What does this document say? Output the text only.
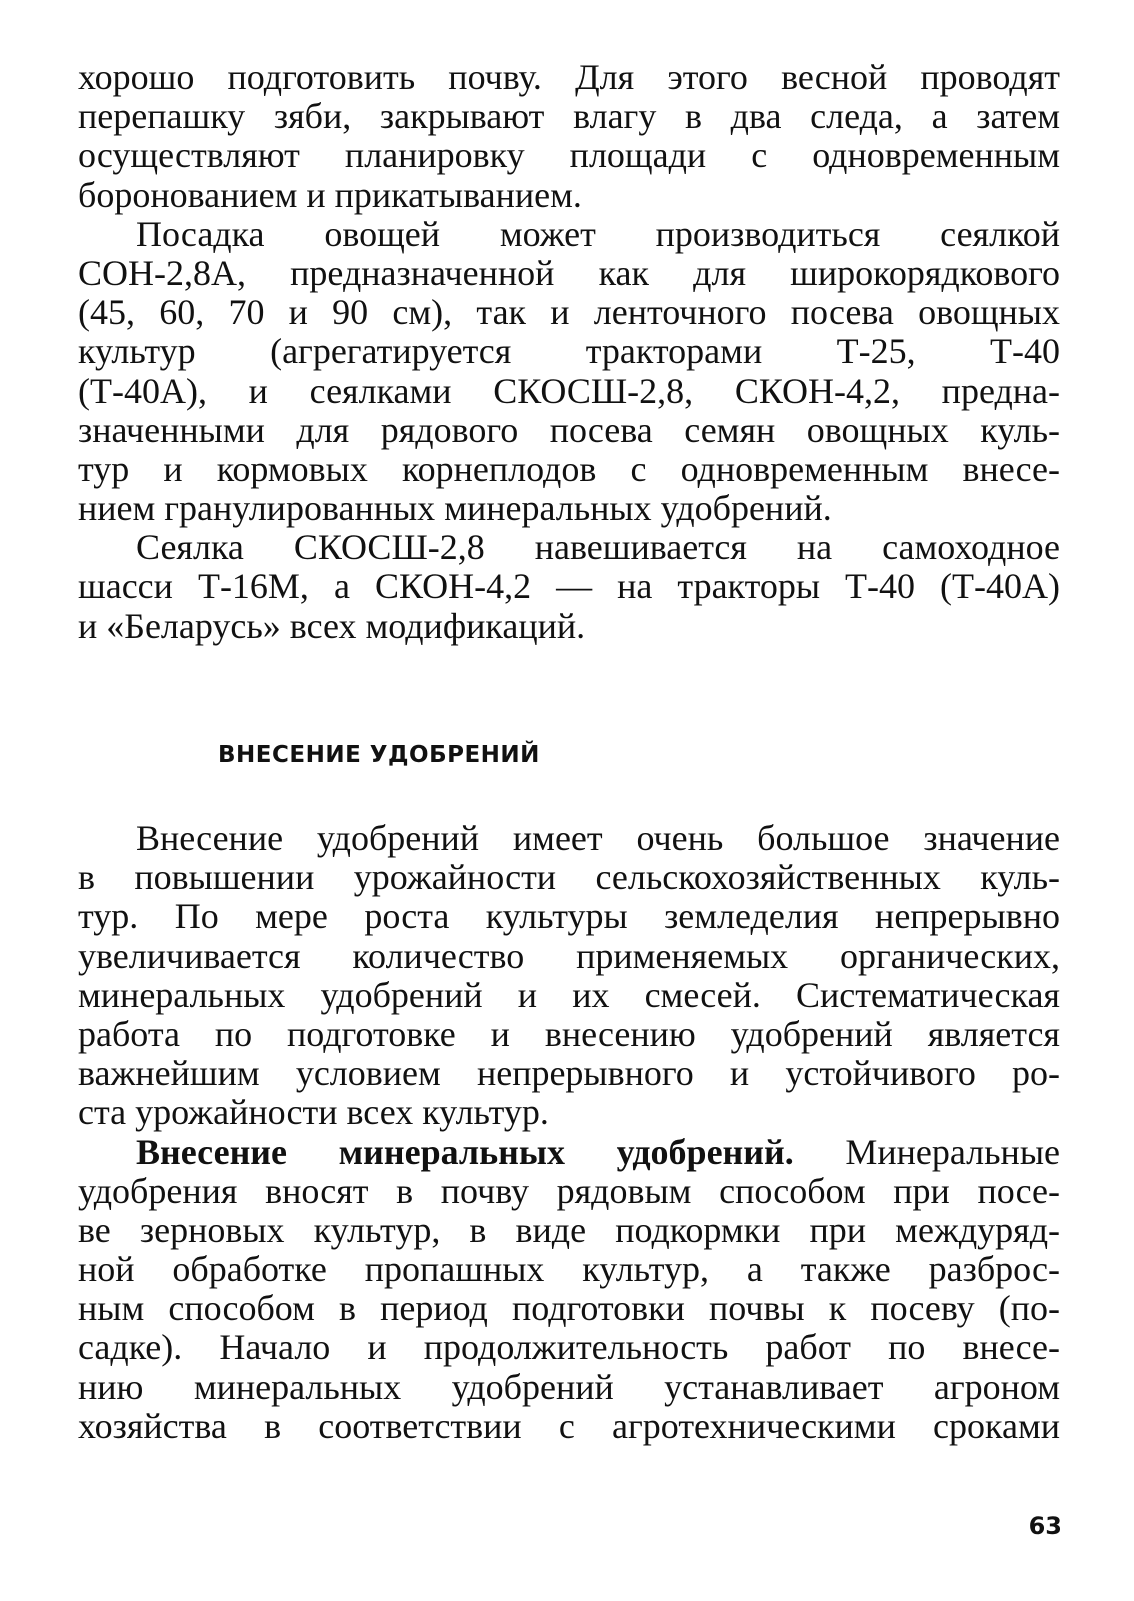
хорошо подготовить почву. Для этого весной проводят
перепашку зяби, закрывают влагу в два следа, а затем
осуществляют планировку площади с одновременным
боронованием и прикатыванием.
Посадка овощей может производиться сеялкой
СОН-2,8А, предназначенной как для широкорядкового
(45, 60, 70 и 90 см), так и ленточного посева овощных
культур (агрегатируется тракторами Т-25, Т-40
(Т-40А), и сеялками СКОСШ-2,8, СКОН-4,2, предна-
значенными для рядового посева семян овощных куль-
тур и кормовых корнеплодов с одновременным внесе-
нием гранулированных минеральных удобрений.
Сеялка СКОСШ-2,8 навешивается на самоходное
шасси Т-16М, а СКОН-4,2 — на тракторы Т-40 (Т-40А)
и «Беларусь» всех модификаций.
ВНЕСЕНИЕ УДОБРЕНИЙ
Внесение удобрений имеет очень большое значение
в повышении урожайности сельскохозяйственных куль-
тур. По мере роста культуры земледелия непрерывно
увеличивается количество применяемых органических,
минеральных удобрений и их смесей. Систематическая
работа по подготовке и внесению удобрений является
важнейшим условием непрерывного и устойчивого ро-
ста урожайности всех культур.
Внесение минеральных удобрений. Минеральные
удобрения вносят в почву рядовым способом при посе-
ве зерновых культур, в виде подкормки при междуряд-
ной обработке пропашных культур, а также разброс-
ным способом в период подготовки почвы к посеву (по-
садке). Начало и продолжительность работ по внесе-
нию минеральных удобрений устанавливает агроном
хозяйства в соответствии с агротехническими сроками
63
